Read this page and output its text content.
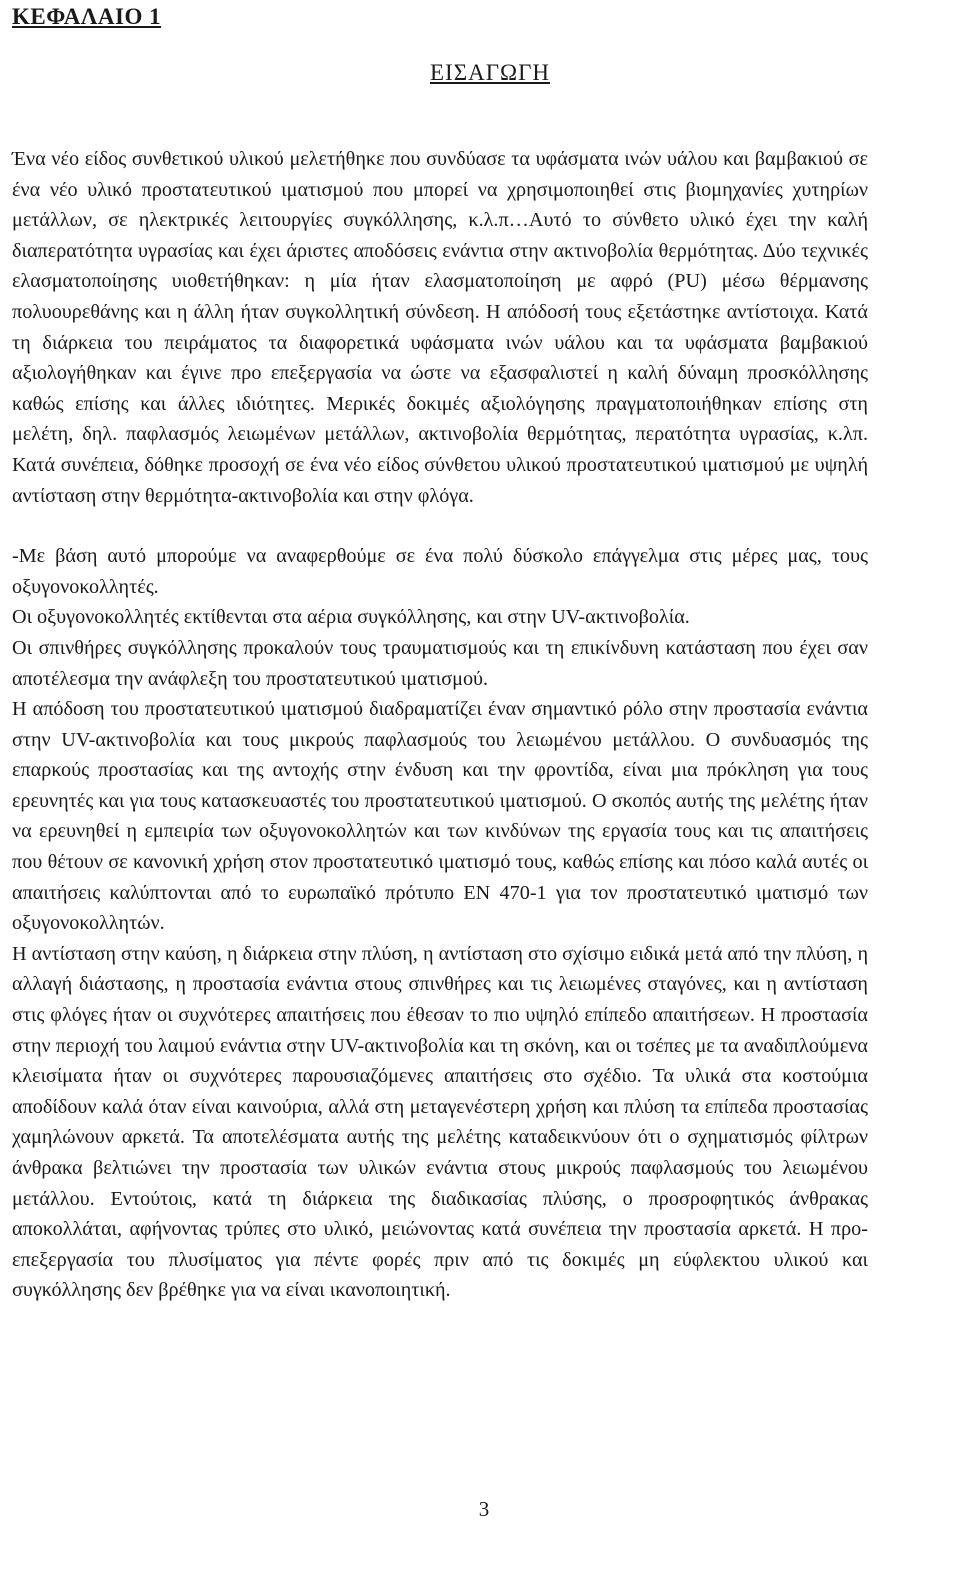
ΚΕΦΑΛΑΙΟ 1
ΕΙΣΑΓΩΓΗ

Ένα νέο είδος συνθετικού υλικού μελετήθηκε που συνδύασε τα υφάσματα ινών υάλου και βαμβακιού σε ένα νέο υλικό προστατευτικού ιματισμού που μπορεί να χρησιμοποιηθεί στις βιομηχανίες χυτηρίων μετάλλων, σε ηλεκτρικές λειτουργίες συγκόλλησης, κ.λ.π…Αυτό το σύνθετο υλικό έχει την καλή διαπερατότητα υγρασίας και έχει άριστες αποδόσεις ενάντια στην ακτινοβολία θερμότητας. Δύο τεχνικές ελασματοποίησης υιοθετήθηκαν: η μία ήταν ελασματοποίηση με αφρό (PU) μέσω θέρμανσης πολυουρεθάνης και η άλλη ήταν συγκολλητική σύνδεση. Η απόδοσή τους εξετάστηκε αντίστοιχα. Κατά τη διάρκεια του πειράματος τα διαφορετικά υφάσματα ινών υάλου και τα υφάσματα βαμβακιού αξιολογήθηκαν και έγινε προ επεξεργασία να ώστε να εξασφαλιστεί η καλή δύναμη προσκόλλησης καθώς επίσης και άλλες ιδιότητες. Μερικές δοκιμές αξιολόγησης πραγματοποιήθηκαν επίσης στη μελέτη, δηλ. παφλασμός λειωμένων μετάλλων, ακτινοβολία θερμότητας, περατότητα υγρασίας, κ.λπ. Κατά συνέπεια, δόθηκε προσοχή σε ένα νέο είδος σύνθετου υλικού προστατευτικού ιματισμού με υψηλή αντίσταση στην θερμότητα-ακτινοβολία και στην φλόγα.

-Με βάση αυτό μπορούμε να αναφερθούμε σε ένα πολύ δύσκολο επάγγελμα στις μέρες μας, τους οξυγονοκολλητές.

Οι οξυγονοκολλητές εκτίθενται στα αέρια συγκόλλησης, και στην UV-ακτινοβολία.

Οι σπινθήρες συγκόλλησης προκαλούν τους τραυματισμούς και τη επικίνδυνη κατάσταση που έχει σαν αποτέλεσμα την ανάφλεξη του προστατευτικού ιματισμού.

Η απόδοση του προστατευτικού ιματισμού διαδραματίζει έναν σημαντικό ρόλο στην προστασία ενάντια στην UV-ακτινοβολία και τους μικρούς παφλασμούς του λειωμένου μετάλλου. Ο συνδυασμός της επαρκούς προστασίας και της αντοχής στην ένδυση και την φροντίδα, είναι μια πρόκληση για τους ερευνητές και για τους κατασκευαστές του προστατευτικού ιματισμού. Ο σκοπός αυτής της μελέτης ήταν να ερευνηθεί η εμπειρία των οξυγονοκολλητών και των κινδύνων της εργασία τους και τις απαιτήσεις που θέτουν σε κανονική χρήση στον προστατευτικό ιματισμό τους, καθώς επίσης και πόσο καλά αυτές οι απαιτήσεις καλύπτονται από το ευρωπαϊκό πρότυπο EN 470-1 για τον προστατευτικό ιματισμό των οξυγονοκολλητών.

Η αντίσταση στην καύση, η διάρκεια στην πλύση, η αντίσταση στο σχίσιμο ειδικά μετά από την πλύση, η αλλαγή διάστασης, η προστασία ενάντια στους σπινθήρες και τις λειωμένες σταγόνες, και η αντίσταση στις φλόγες ήταν οι συχνότερες απαιτήσεις που έθεσαν το πιο υψηλό επίπεδο απαιτήσεων. Η προστασία στην περιοχή του λαιμού ενάντια στην UV-ακτινοβολία και τη σκόνη, και οι τσέπες με τα αναδιπλούμενα κλεισίματα ήταν οι συχνότερες παρουσιαζόμενες απαιτήσεις στο σχέδιο. Τα υλικά στα κοστούμια αποδίδουν καλά όταν είναι καινούρια, αλλά στη μεταγενέστερη χρήση και πλύση τα επίπεδα προστασίας χαμηλώνουν αρκετά. Τα αποτελέσματα αυτής της μελέτης καταδεικνύουν ότι ο σχηματισμός φίλτρων άνθρακα βελτιώνει την προστασία των υλικών ενάντια στους μικρούς παφλασμούς του λειωμένου μετάλλου. Εντούτοις, κατά τη διάρκεια της διαδικασίας πλύσης, ο προσροφητικός άνθρακας αποκολλάται, αφήνοντας τρύπες στο υλικό, μειώνοντας κατά συνέπεια την προστασία αρκετά. Η προ-επεξεργασία του πλυσίματος για πέντε φορές πριν από τις δοκιμές μη εύφλεκτου υλικού και συγκόλλησης δεν βρέθηκε για να είναι ικανοποιητική.

3
